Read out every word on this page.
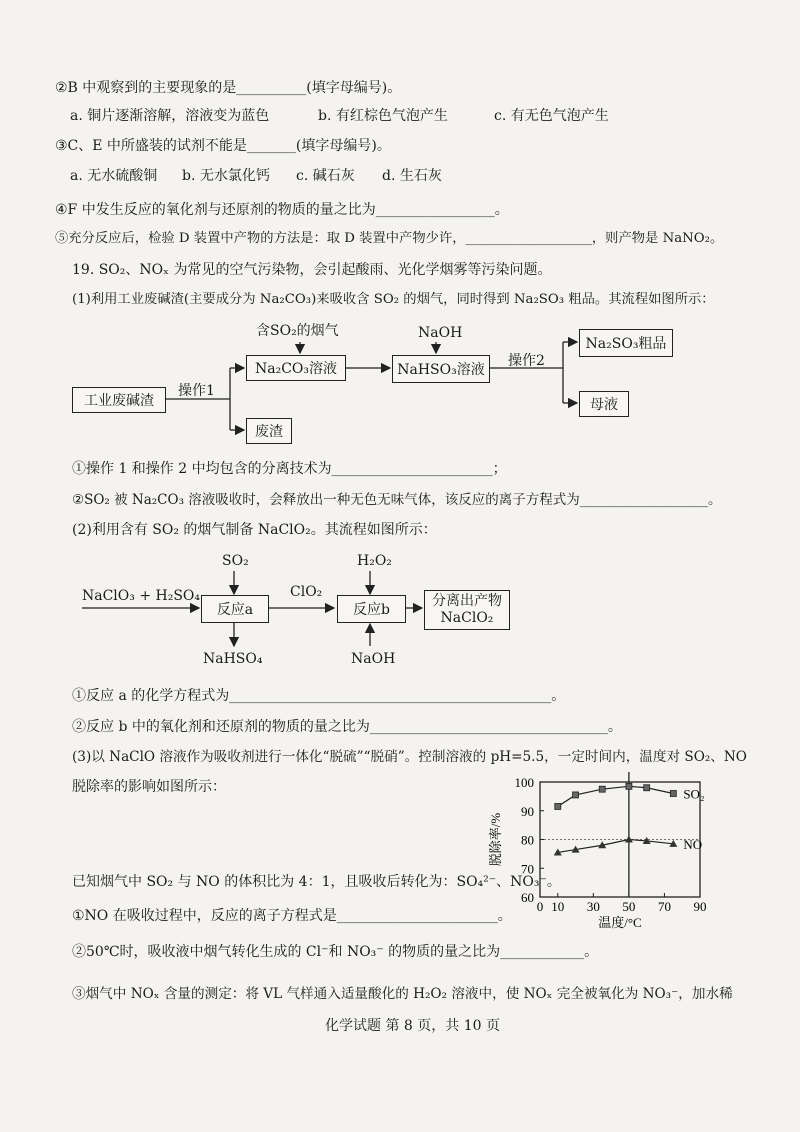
②B 中观察到的主要现象的是__________(填字母编号)。
a. 铜片逐渐溶解，溶液变为蓝色	b. 有红棕色气泡产生	c. 有无色气泡产生
③C、E 中所盛装的试剂不能是_______(填字母编号)。
a. 无水硫酸铜 b. 无水氯化钙 c. 碱石灰 d. 生石灰
④F 中发生反应的氧化剂与还原剂的物质的量之比为_________________。
⑤充分反应后，检验 D 装置中产物的方法是：取 D 装置中产物少许，___________________，则产物是 NaNO₂。
19. SO₂、NOₓ 为常见的空气污染物，会引起酸雨、光化学烟雾等污染问题。
(1)利用工业废碱渣(主要成分为 Na₂CO₃)来吸收含 SO₂ 的烟气，同时得到 Na₂SO₃ 粗品。其流程如图所示：
工业废碱渣
操作1
含SO₂的烟气
Na₂CO₃溶液
废渣
NaOH
NaHSO₃溶液
操作2
Na₂SO₃粗品
母液
①操作 1 和操作 2 中均包含的分离技术为_______________________；
②SO₂ 被 Na₂CO₃ 溶液吸收时，会释放出一种无色无味气体，该反应的离子方程式为___________________。
(2)利用含有 SO₂ 的烟气制备 NaClO₂。其流程如图所示：
NaClO₃ + H₂SO₄
SO₂
反应a
NaHSO₄
ClO₂
H₂O₂
反应b
NaOH
分离出产物
NaClO₂
①反应 a 的化学方程式为______________________________________________。
②反应 b 中的氧化剂和还原剂的物质的量之比为__________________________________。
(3)以 NaClO 溶液作为吸收剂进行一体化“脱硫”“脱硝”。控制溶液的 pH=5.5，一定时间内，温度对 SO₂、NO
脱除率的影响如图所示：
已知烟气中 SO₂ 与 NO 的体积比为 4：1，且吸收后转化为：SO₄²⁻、NO₃⁻。
①NO 在吸收过程中，反应的离子方程式是_______________________。
②50℃时，吸收液中烟气转化生成的 Cl⁻和 NO₃⁻ 的物质的量之比为____________。
③烟气中 NOₓ 含量的测定：将 VL 气样通入适量酸化的 H₂O₂ 溶液中，使 NOₓ 完全被氧化为 NO₃⁻，加水稀
60
70
80
90
100
0 10 30 50 70 90
温度/°C
脱除率/%
SO₂
NO
化学试题 第 8 页，共 10 页
